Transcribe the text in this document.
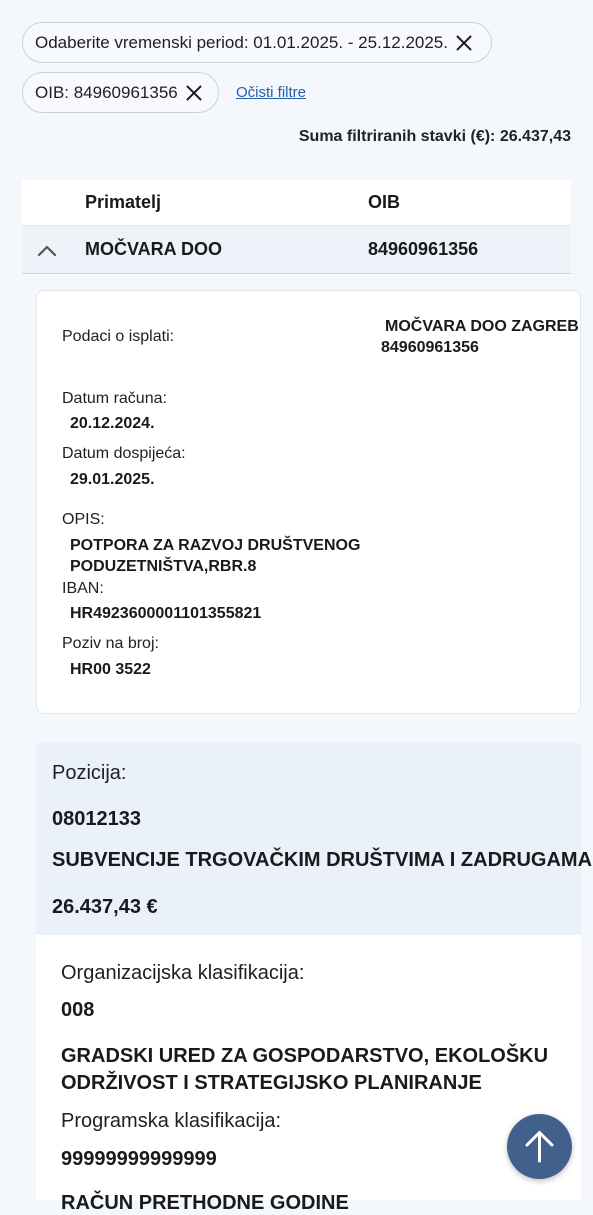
Odaberite vremenski period: 01.01.2025. - 25.12.2025.
OIB: 84960961356	Očisti filtre
Suma filtriranih stavki (€): 26.437,43
Primatelj	OIB
MOČVARA DOO	84960961356
Podaci o isplati:
MOČVARA DOO ZAGREB
84960961356
Datum računa:
20.12.2024.
Datum dospijeća:
29.01.2025.
OPIS:
POTPORA ZA RAZVOJ DRUŠTVENOG
PODUZETNIŠTVA,RBR.8
IBAN:
HR4923600001101355821
Poziv na broj:
HR00 3522
Pozicija:
08012133
SUBVENCIJE TRGOVAČKIM DRUŠTVIMA I ZADRUGAMA
26.437,43 €
Organizacijska klasifikacija:
008
GRADSKI URED ZA GOSPODARSTVO, EKOLOŠKU
ODRŽIVOST I STRATEGIJSKO PLANIRANJE
Programska klasifikacija:
99999999999999
RAČUN PRETHODNE GODINE
